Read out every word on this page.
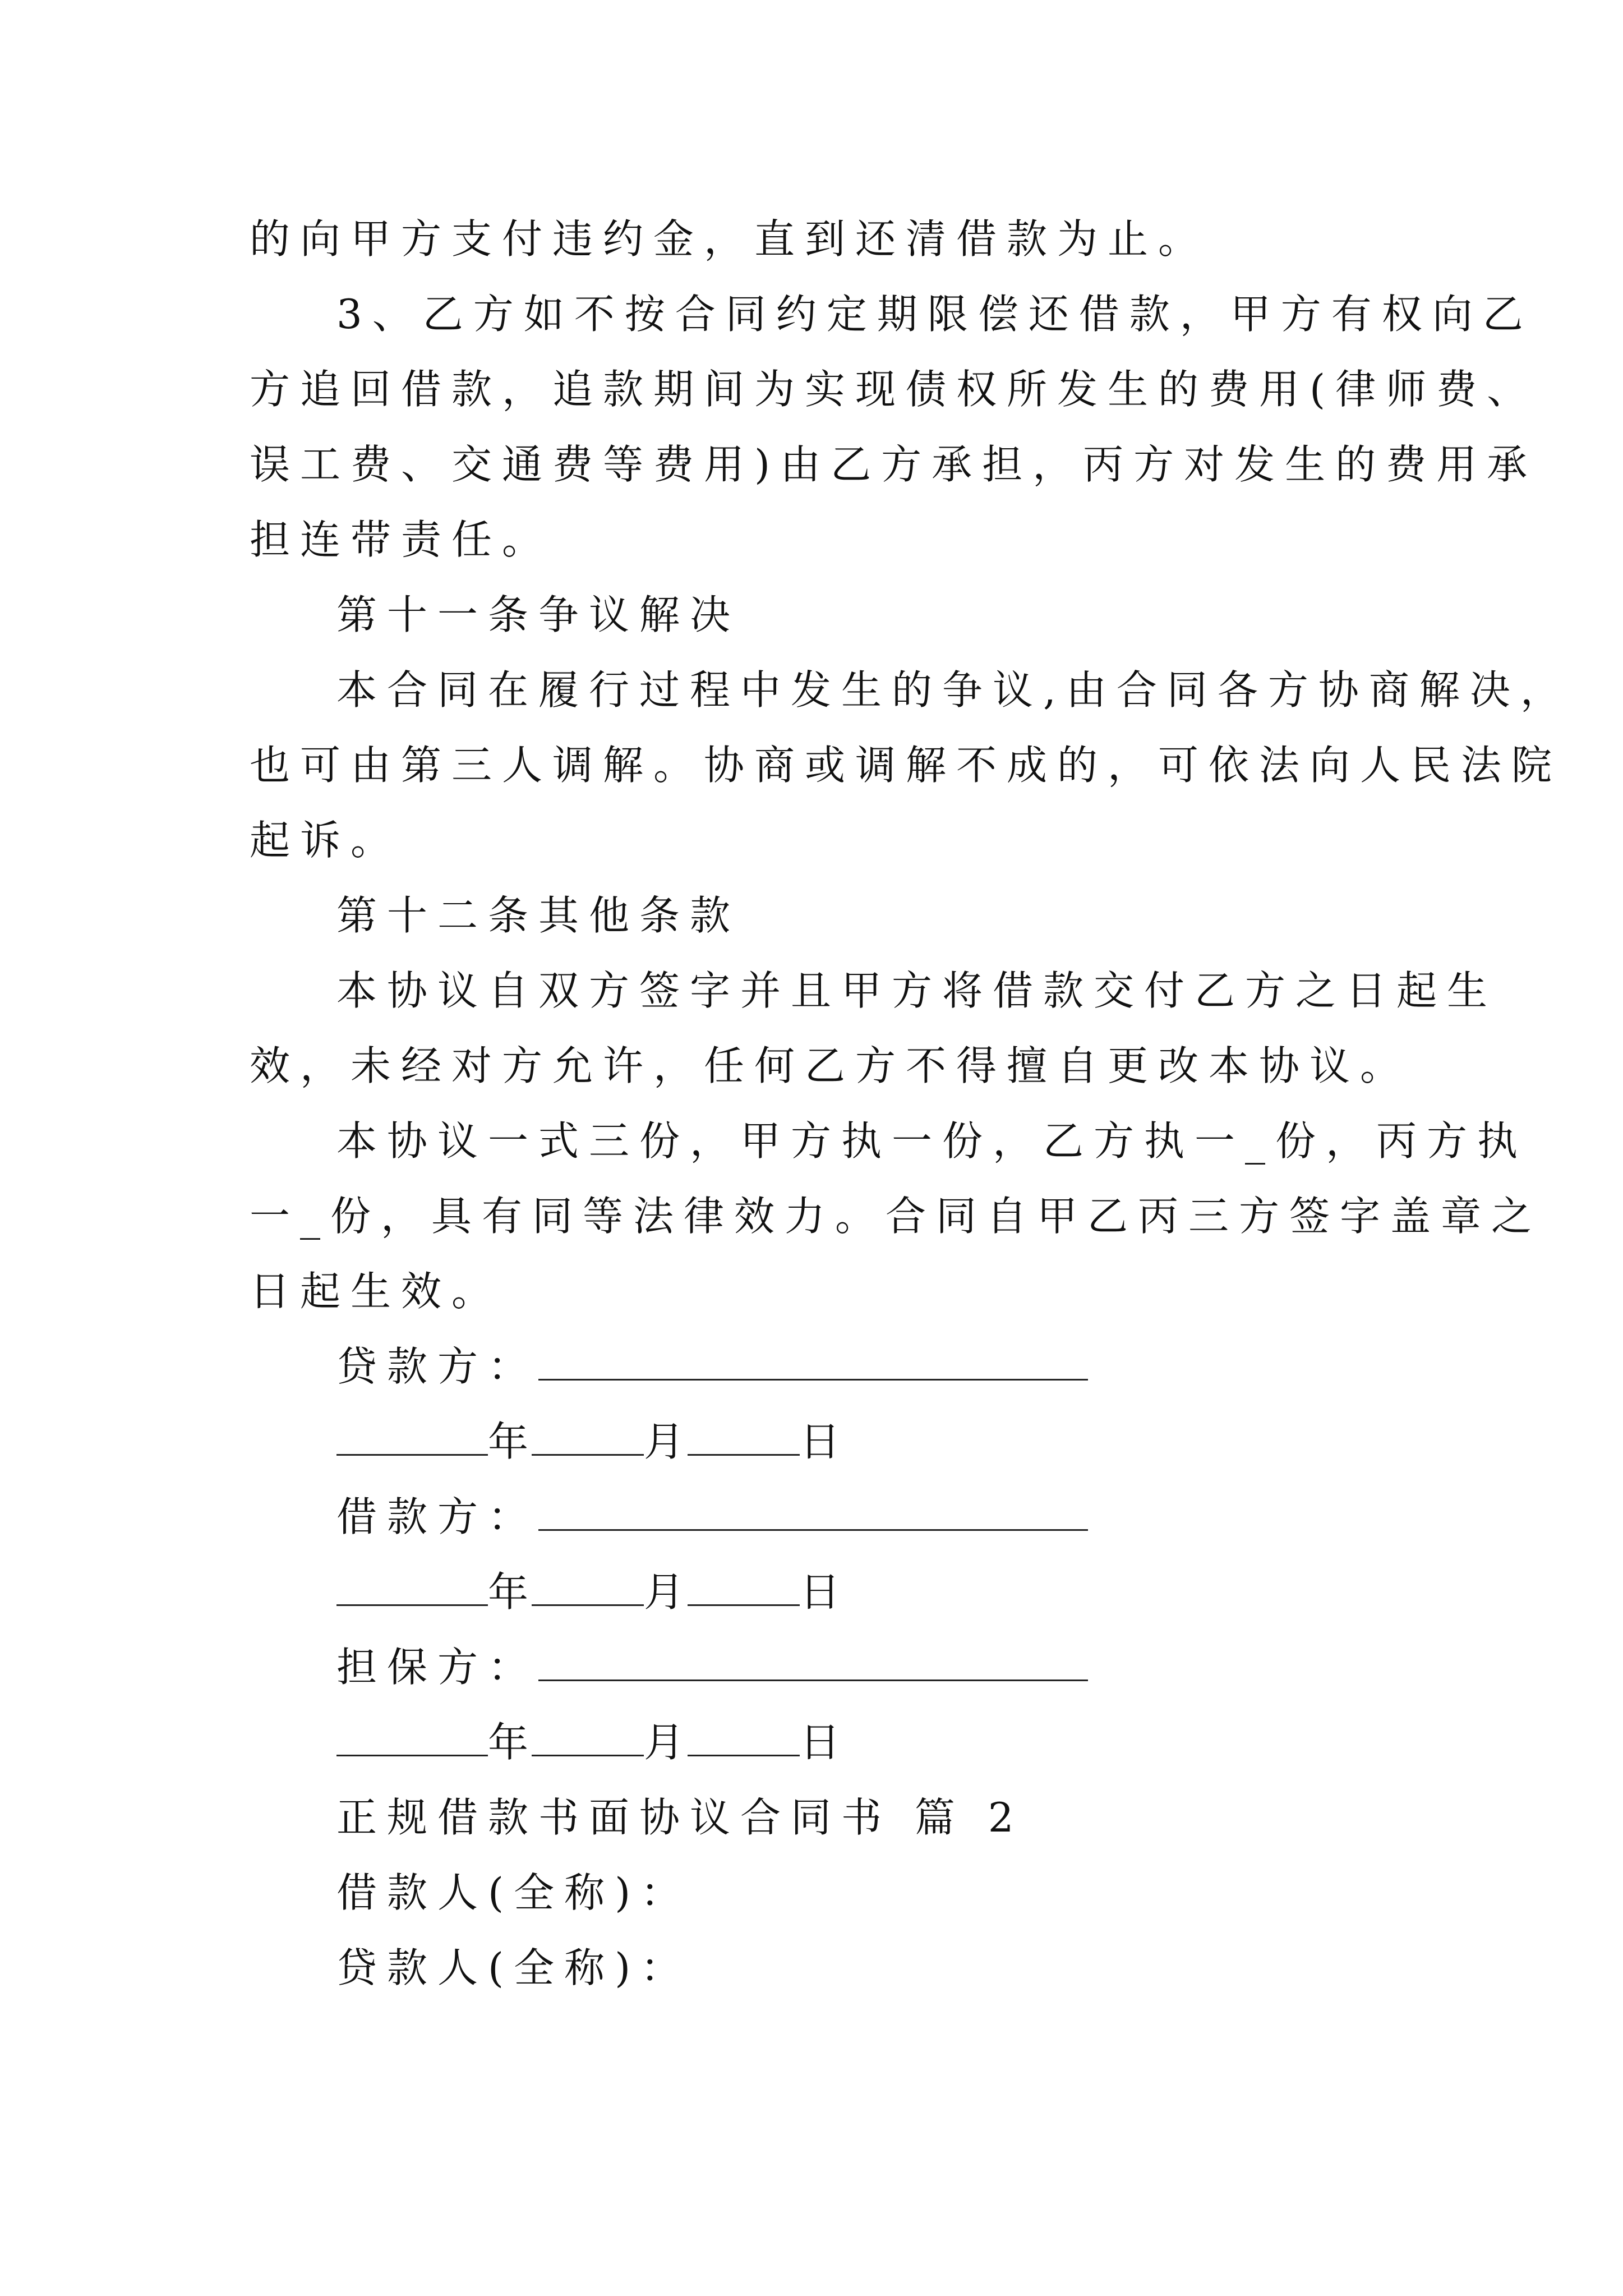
的向甲方支付违约金，直到还清借款为止。
3、乙方如不按合同约定期限偿还借款，甲方有权向乙
方追回借款，追款期间为实现债权所发生的费用(律师费、
误工费、交通费等费用)由乙方承担，丙方对发生的费用承
担连带责任。
第十一条争议解决
本合同在履行过程中发生的争议,由合同各方协商解决，
也可由第三人调解。协商或调解不成的，可依法向人民法院
起诉。
第十二条其他条款
本协议自双方签字并且甲方将借款交付乙方之日起生
效，未经对方允许，任何乙方不得擅自更改本协议。
本协议一式三份，甲方执一份，乙方执一_份，丙方执
一_份，具有同等法律效力。合同自甲乙丙三方签字盖章之
日起生效。
贷款方：
年	月	日
借款方：
年	月	日
担保方：
年	月	日
正规借款书面协议合同书 篇 2
借款人(全称)：
贷款人(全称)：
